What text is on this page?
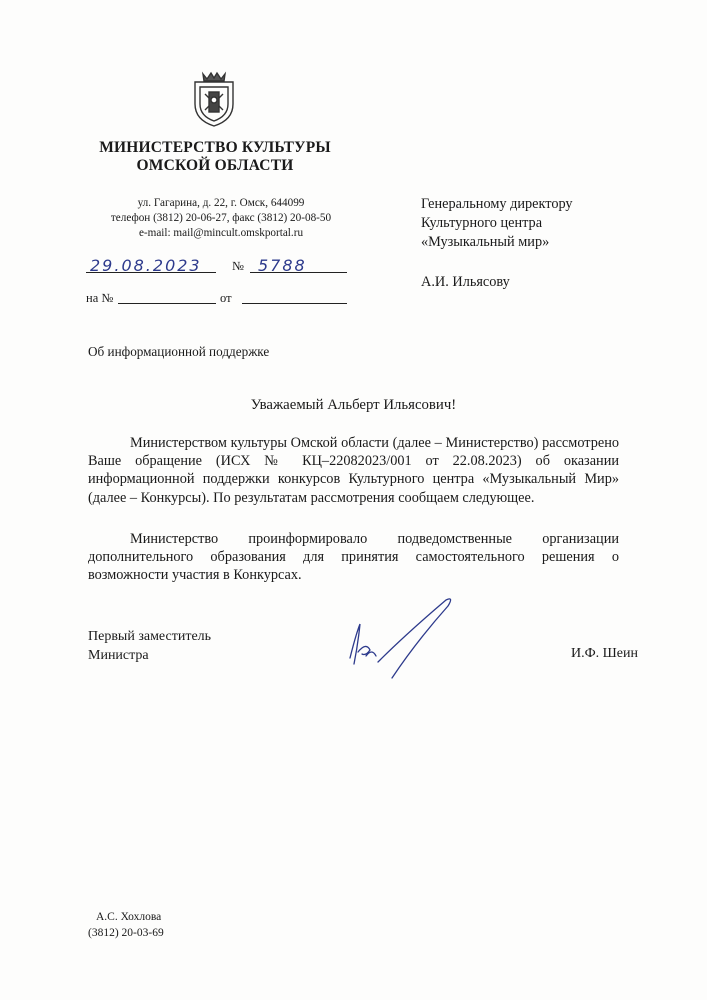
МИНИСТЕРСТВО КУЛЬТУРЫ
ОМСКОЙ ОБЛАСТИ
ул. Гагарина, д. 22, г. Омск, 644099
телефон (3812) 20-06-27, факс (3812) 20-08-50
e-mail: mail@mincult.omskportal.ru
29.08.2023 № 5788
на №	от
Генеральному директору
Культурного центра
«Музыкальный мир»
А.И. Ильясову
Об информационной поддержке
Уважаемый Альберт Ильясович!

Министерством культуры Омской области (далее – Министерство) рассмотрено Ваше обращение (ИСХ № КЦ–22082023/001 от 22.08.2023) об оказании информационной поддержки конкурсов Культурного центра «Музыкальный Мир» (далее – Конкурсы). По результатам рассмотрения сообщаем следующее.

Министерство проинформировало подведомственные организации дополнительного образования для принятия самостоятельного решения о возможности участия в Конкурсах.

Первый заместитель
Министра	И.Ф. Шеин
А.С. Хохлова
(3812) 20-03-69
